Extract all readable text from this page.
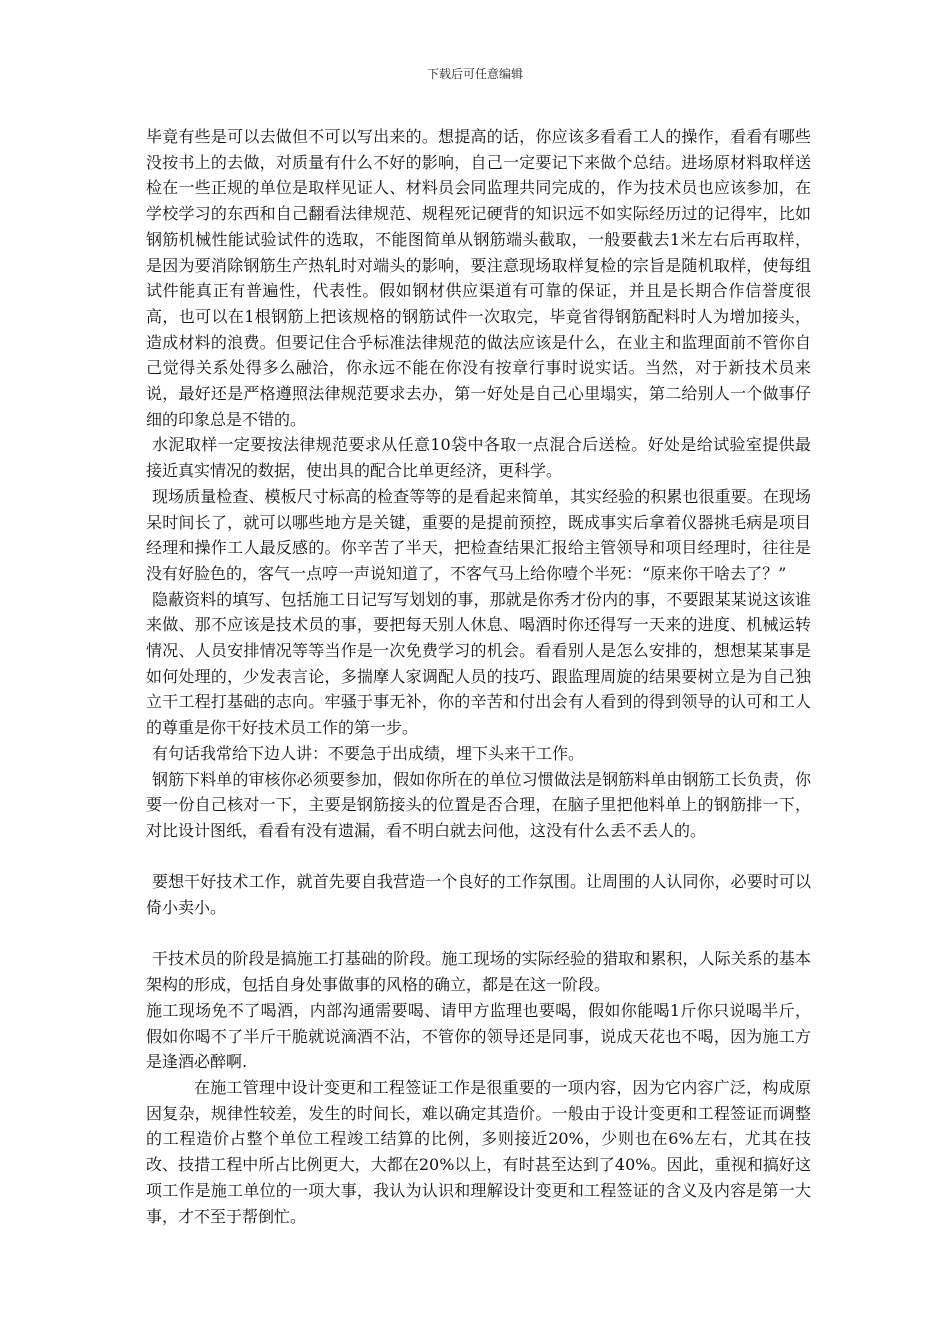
下载后可任意编辑

毕竟有些是可以去做但不可以写出来的。想提高的话，你应该多看看工人的操作，看看有哪些没按书上的去做，对质量有什么不好的影响，自己一定要记下来做个总结。进场原材料取样送检在一些正规的单位是取样见证人、材料员会同监理共同完成的，作为技术员也应该参加，在学校学习的东西和自己翻看法律规范、规程死记硬背的知识远不如实际经历过的记得牢，比如钢筋机械性能试验试件的选取，不能图简单从钢筋端头截取，一般要截去1米左右后再取样，是因为要消除钢筋生产热轧时对端头的影响，要注意现场取样复检的宗旨是随机取样，使每组试件能真正有普遍性，代表性。假如钢材供应渠道有可靠的保证，并且是长期合作信誉度很高，也可以在1根钢筋上把该规格的钢筋试件一次取完，毕竟省得钢筋配料时人为增加接头，造成材料的浪费。但要记住合乎标准法律规范的做法应该是什么，在业主和监理面前不管你自己觉得关系处得多么融洽，你永远不能在你没有按章行事时说实话。当然，对于新技术员来说，最好还是严格遵照法律规范要求去办，第一好处是自己心里塌实，第二给别人一个做事仔细的印象总是不错的。

水泥取样一定要按法律规范要求从任意10袋中各取一点混合后送检。好处是给试验室提供最接近真实情况的数据，使出具的配合比单更经济，更科学。

现场质量检查、模板尺寸标高的检查等等的是看起来简单，其实经验的积累也很重要。在现场呆时间长了，就可以哪些地方是关键，重要的是提前预控，既成事实后拿着仪器挑毛病是项目经理和操作工人最反感的。你辛苦了半天，把检查结果汇报给主管领导和项目经理时，往往是没有好脸色的，客气一点哼一声说知道了，不客气马上给你噎个半死：“原来你干啥去了？”

隐蔽资料的填写、包括施工日记写写划划的事，那就是你秀才份内的事，不要跟某某说这该谁来做、那不应该是技术员的事，要把每天别人休息、喝酒时你还得写一天来的进度、机械运转情况、人员安排情况等等当作是一次免费学习的机会。看看别人是怎么安排的，想想某某事是如何处理的，少发表言论，多揣摩人家调配人员的技巧、跟监理周旋的结果要树立是为自己独立干工程打基础的志向。牢骚于事无补，你的辛苦和付出会有人看到的得到领导的认可和工人的尊重是你干好技术员工作的第一步。

有句话我常给下边人讲：不要急于出成绩，埋下头来干工作。

钢筋下料单的审核你必须要参加，假如你所在的单位习惯做法是钢筋料单由钢筋工长负责，你要一份自己核对一下，主要是钢筋接头的位置是否合理，在脑子里把他料单上的钢筋排一下，对比设计图纸，看看有没有遗漏，看不明白就去问他，这没有什么丢不丢人的。

要想干好技术工作，就首先要自我营造一个良好的工作氛围。让周围的人认同你，必要时可以倚小卖小。

干技术员的阶段是搞施工打基础的阶段。施工现场的实际经验的猎取和累积，人际关系的基本架构的形成，包括自身处事做事的风格的确立，都是在这一阶段。

施工现场免不了喝酒，内部沟通需要喝、请甲方监理也要喝，假如你能喝1斤你只说喝半斤，假如你喝不了半斤干脆就说滴酒不沾，不管你的领导还是同事，说成天花也不喝，因为施工方是逢酒必醉啊.

在施工管理中设计变更和工程签证工作是很重要的一项内容，因为它内容广泛，构成原因复杂，规律性较差，发生的时间长，难以确定其造价。一般由于设计变更和工程签证而调整的工程造价占整个单位工程竣工结算的比例，多则接近20%，少则也在6%左右，尤其在技改、技措工程中所占比例更大，大都在20%以上，有时甚至达到了40%。因此，重视和搞好这项工作是施工单位的一项大事，我认为认识和理解设计变更和工程签证的含义及内容是第一大事，才不至于帮倒忙。
